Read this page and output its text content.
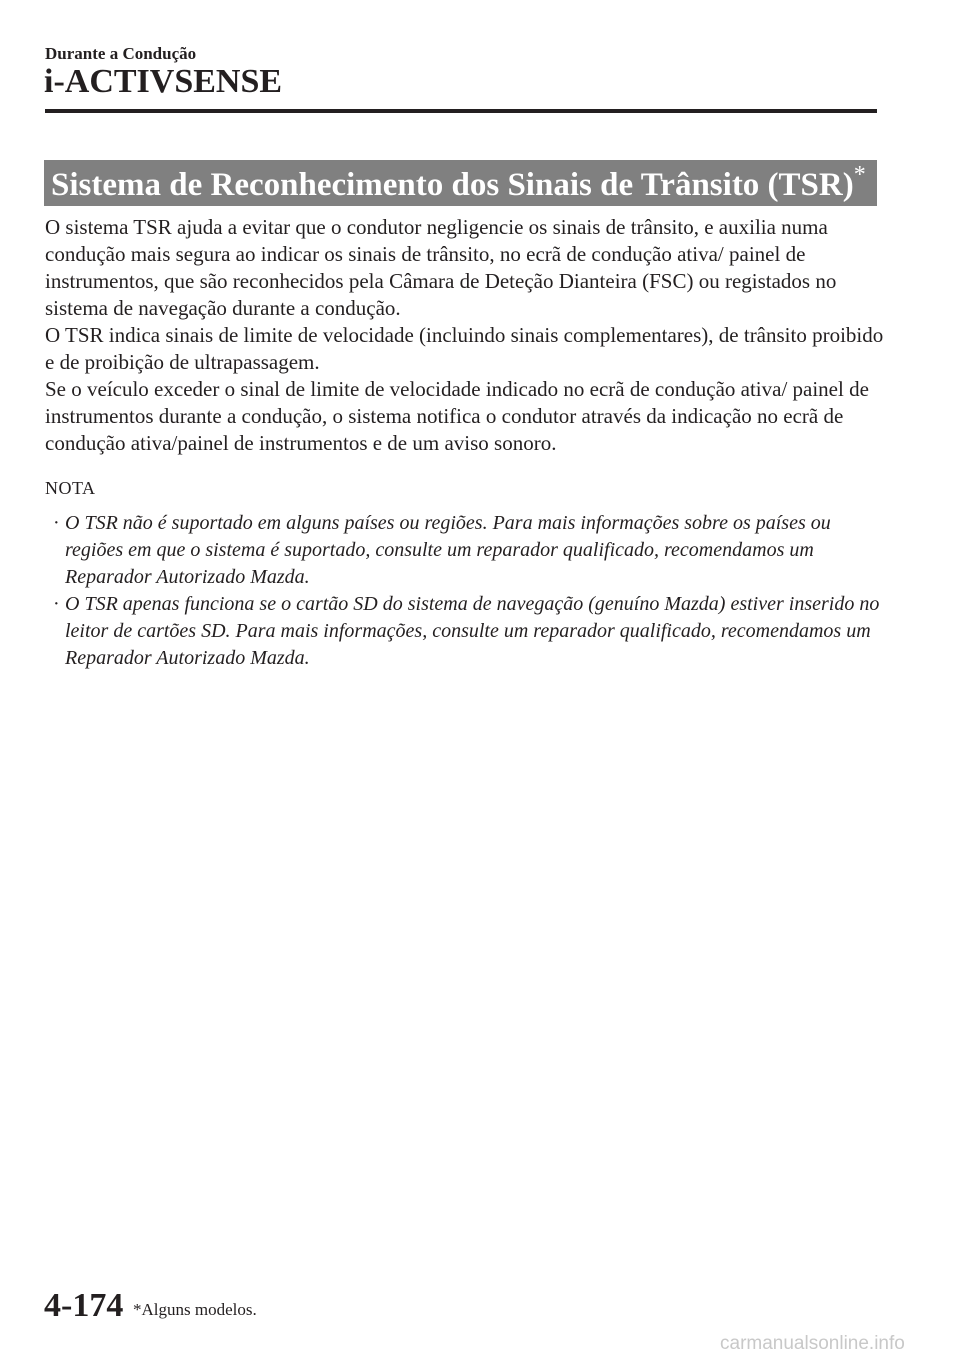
Durante a Condução
i-ACTIVSENSE
Sistema de Reconhecimento dos Sinais de Trânsito (TSR)*

O sistema TSR ajuda a evitar que o condutor negligencie os sinais de trânsito, e auxilia numa condução mais segura ao indicar os sinais de trânsito, no ecrã de condução ativa/ painel de instrumentos, que são reconhecidos pela Câmara de Deteção Dianteira (FSC) ou registados no sistema de navegação durante a condução.

O TSR indica sinais de limite de velocidade (incluindo sinais complementares), de trânsito proibido e de proibição de ultrapassagem.

Se o veículo exceder o sinal de limite de velocidade indicado no ecrã de condução ativa/ painel de instrumentos durante a condução, o sistema notifica o condutor através da indicação no ecrã de condução ativa/painel de instrumentos e de um aviso sonoro.

NOTA
· O TSR não é suportado em alguns países ou regiões. Para mais informações sobre os países ou regiões em que o sistema é suportado, consulte um reparador qualificado, recomendamos um Reparador Autorizado Mazda.
· O TSR apenas funciona se o cartão SD do sistema de navegação (genuíno Mazda) estiver inserido no leitor de cartões SD. Para mais informações, consulte um reparador qualificado, recomendamos um Reparador Autorizado Mazda.
4-174 *Alguns modelos.
carmanualsonline.info
